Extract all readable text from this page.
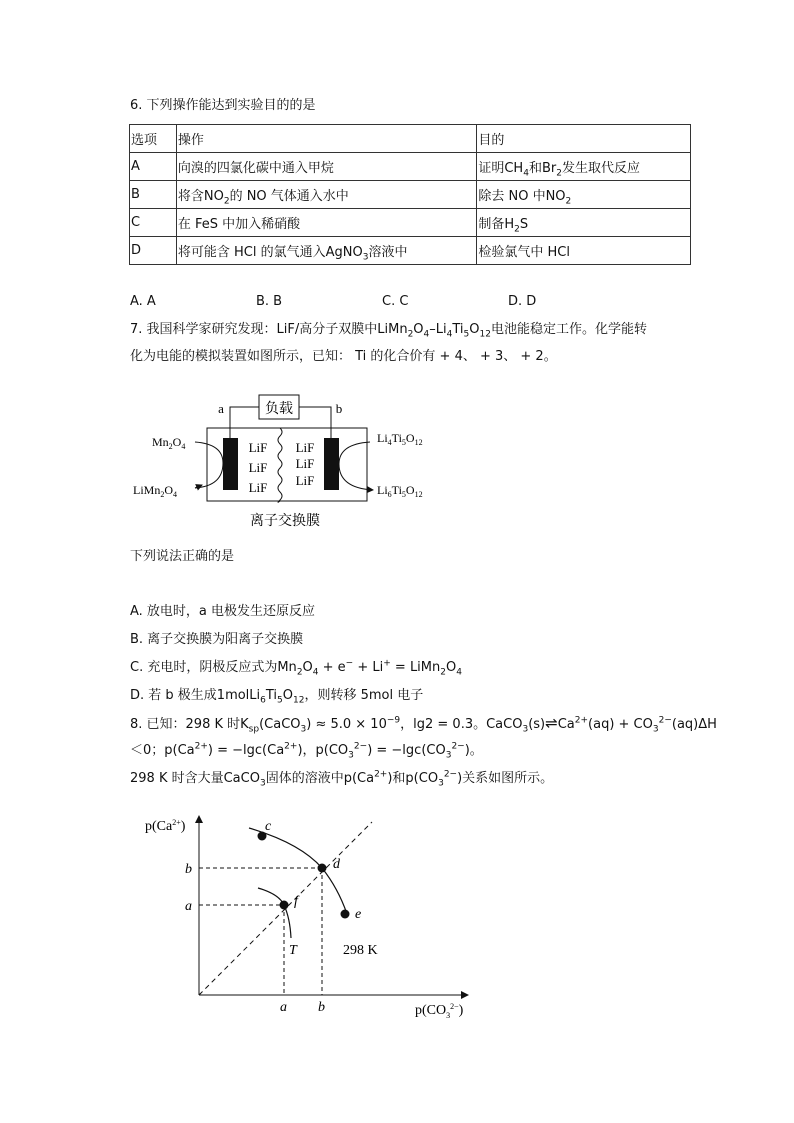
6. 下列操作能达到实验目的的是
选项	操作	目的
A	向溴的四氯化碳中通入甲烷	证明$CH_4$和$Br_2$发生取代反应
B	将含$NO_2$的 NO 气体通入水中	除去 NO 中$NO_2$
C	在 FeS 中加入稀硝酸	制备$H_2S$
D	将可能含 HCl 的氯气通入AgNO$_3$溶液中	检验氯气中 HCl
A. A	B. B	C. C	D. D
7. 我国科学家研究发现：LiF/高分子双膜中$LiMn_2O_4-Li_4Ti_5O_{12}$电池能稳定工作。化学能转
化为电能的模拟装置如图所示，已知： Ti 的化合价有 + 4、 + 3、 + 2。
负载
a	b
LiF
LiF
LiF
LiF
LiF
LiF
$Mn_2O_4$
$LiMn_2O_4$
$Li_4Ti_5O_{12}$
$Li_6Ti_5O_{12}$
离子交换膜
下列说法正确的是
A. 放电时，a 电极发生还原反应
B. 离子交换膜为阳离子交换膜
C. 充电时，阴极反应式为$Mn_2O_4 + e^- + Li^+$ = $LiMn_2O_4$
D. 若 b 极生成$1molLi_6Ti_5O_{12}$，则转移 5mol 电子
8. 已知：298 K 时$K_{sp}(CaCO_3) \approx 5.0 \times 10^{-9}$，lg2 = 0.3。$CaCO_3(s)\rightleftharpoons Ca^{2+}(aq) + CO_3^{2-}(aq)\Delta H$
＜0；$p(Ca^{2+}) = -\lg c(Ca^{2+})$，$p(CO_3^{2-}) = -\lg c(CO_3^{2-})$。
298 K 时含大量CaCO$_3$固体的溶液中$p(Ca^{2+})$和$p(CO_3^{2-})$关系如图所示。
$p(Ca^{2+})$
$p(CO_3^{2-})$
b
a
a b
c
d
e
f
T	298 K
